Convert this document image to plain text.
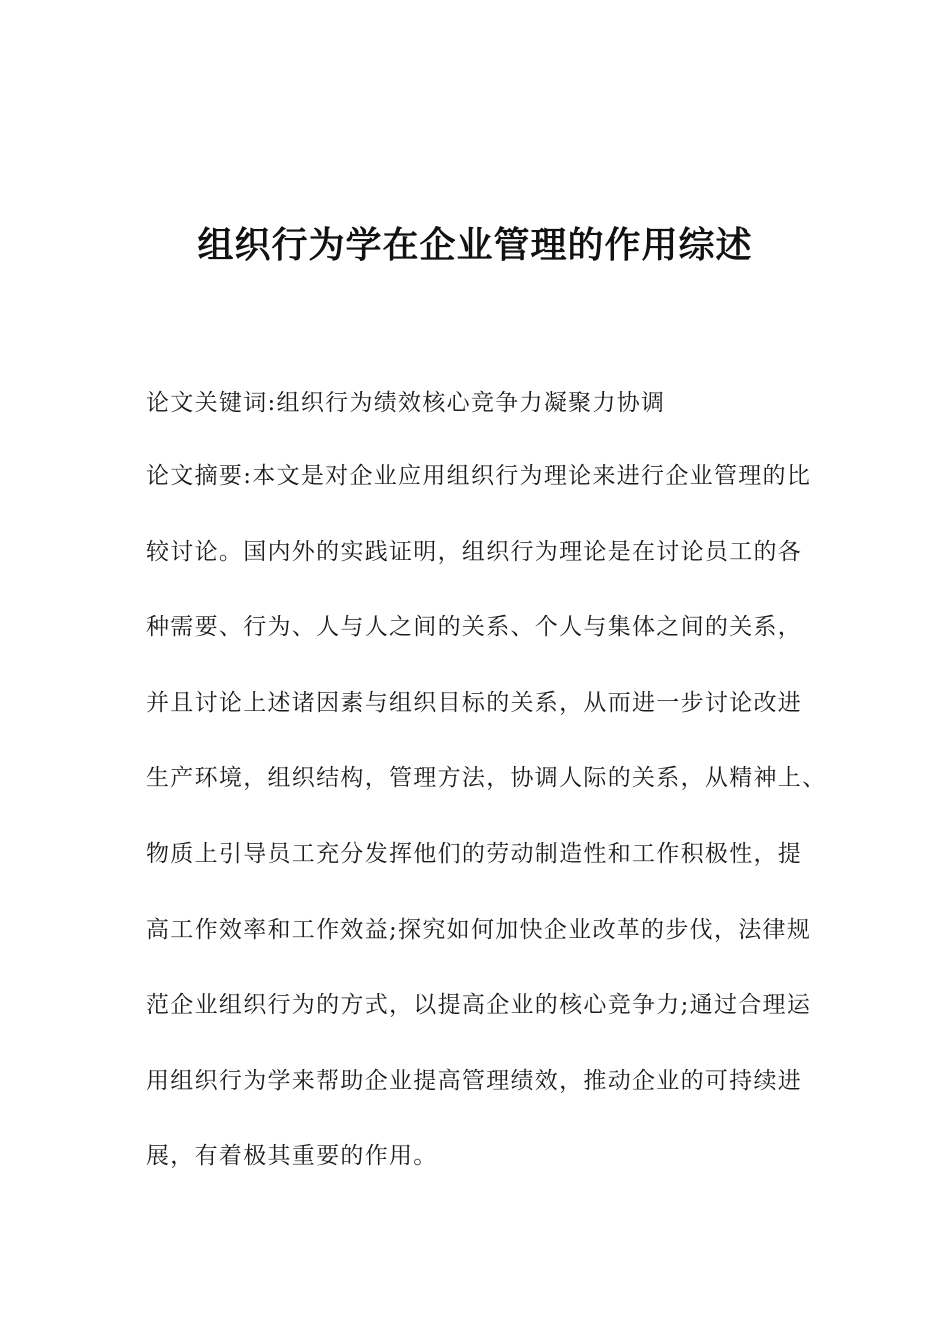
组织行为学在企业管理的作用综述
论文关键词:组织行为绩效核心竞争力凝聚力协调
论文摘要:本文是对企业应用组织行为理论来进行企业管理的比
较讨论。国内外的实践证明，组织行为理论是在讨论员工的各
种需要、行为、人与人之间的关系、个人与集体之间的关系，
并且讨论上述诸因素与组织目标的关系，从而进一步讨论改进
生产环境，组织结构，管理方法，协调人际的关系，从精神上、
物质上引导员工充分发挥他们的劳动制造性和工作积极性，提
高工作效率和工作效益;探究如何加快企业改革的步伐，法律规
范企业组织行为的方式，以提高企业的核心竞争力;通过合理运
用组织行为学来帮助企业提高管理绩效，推动企业的可持续进
展，有着极其重要的作用。
